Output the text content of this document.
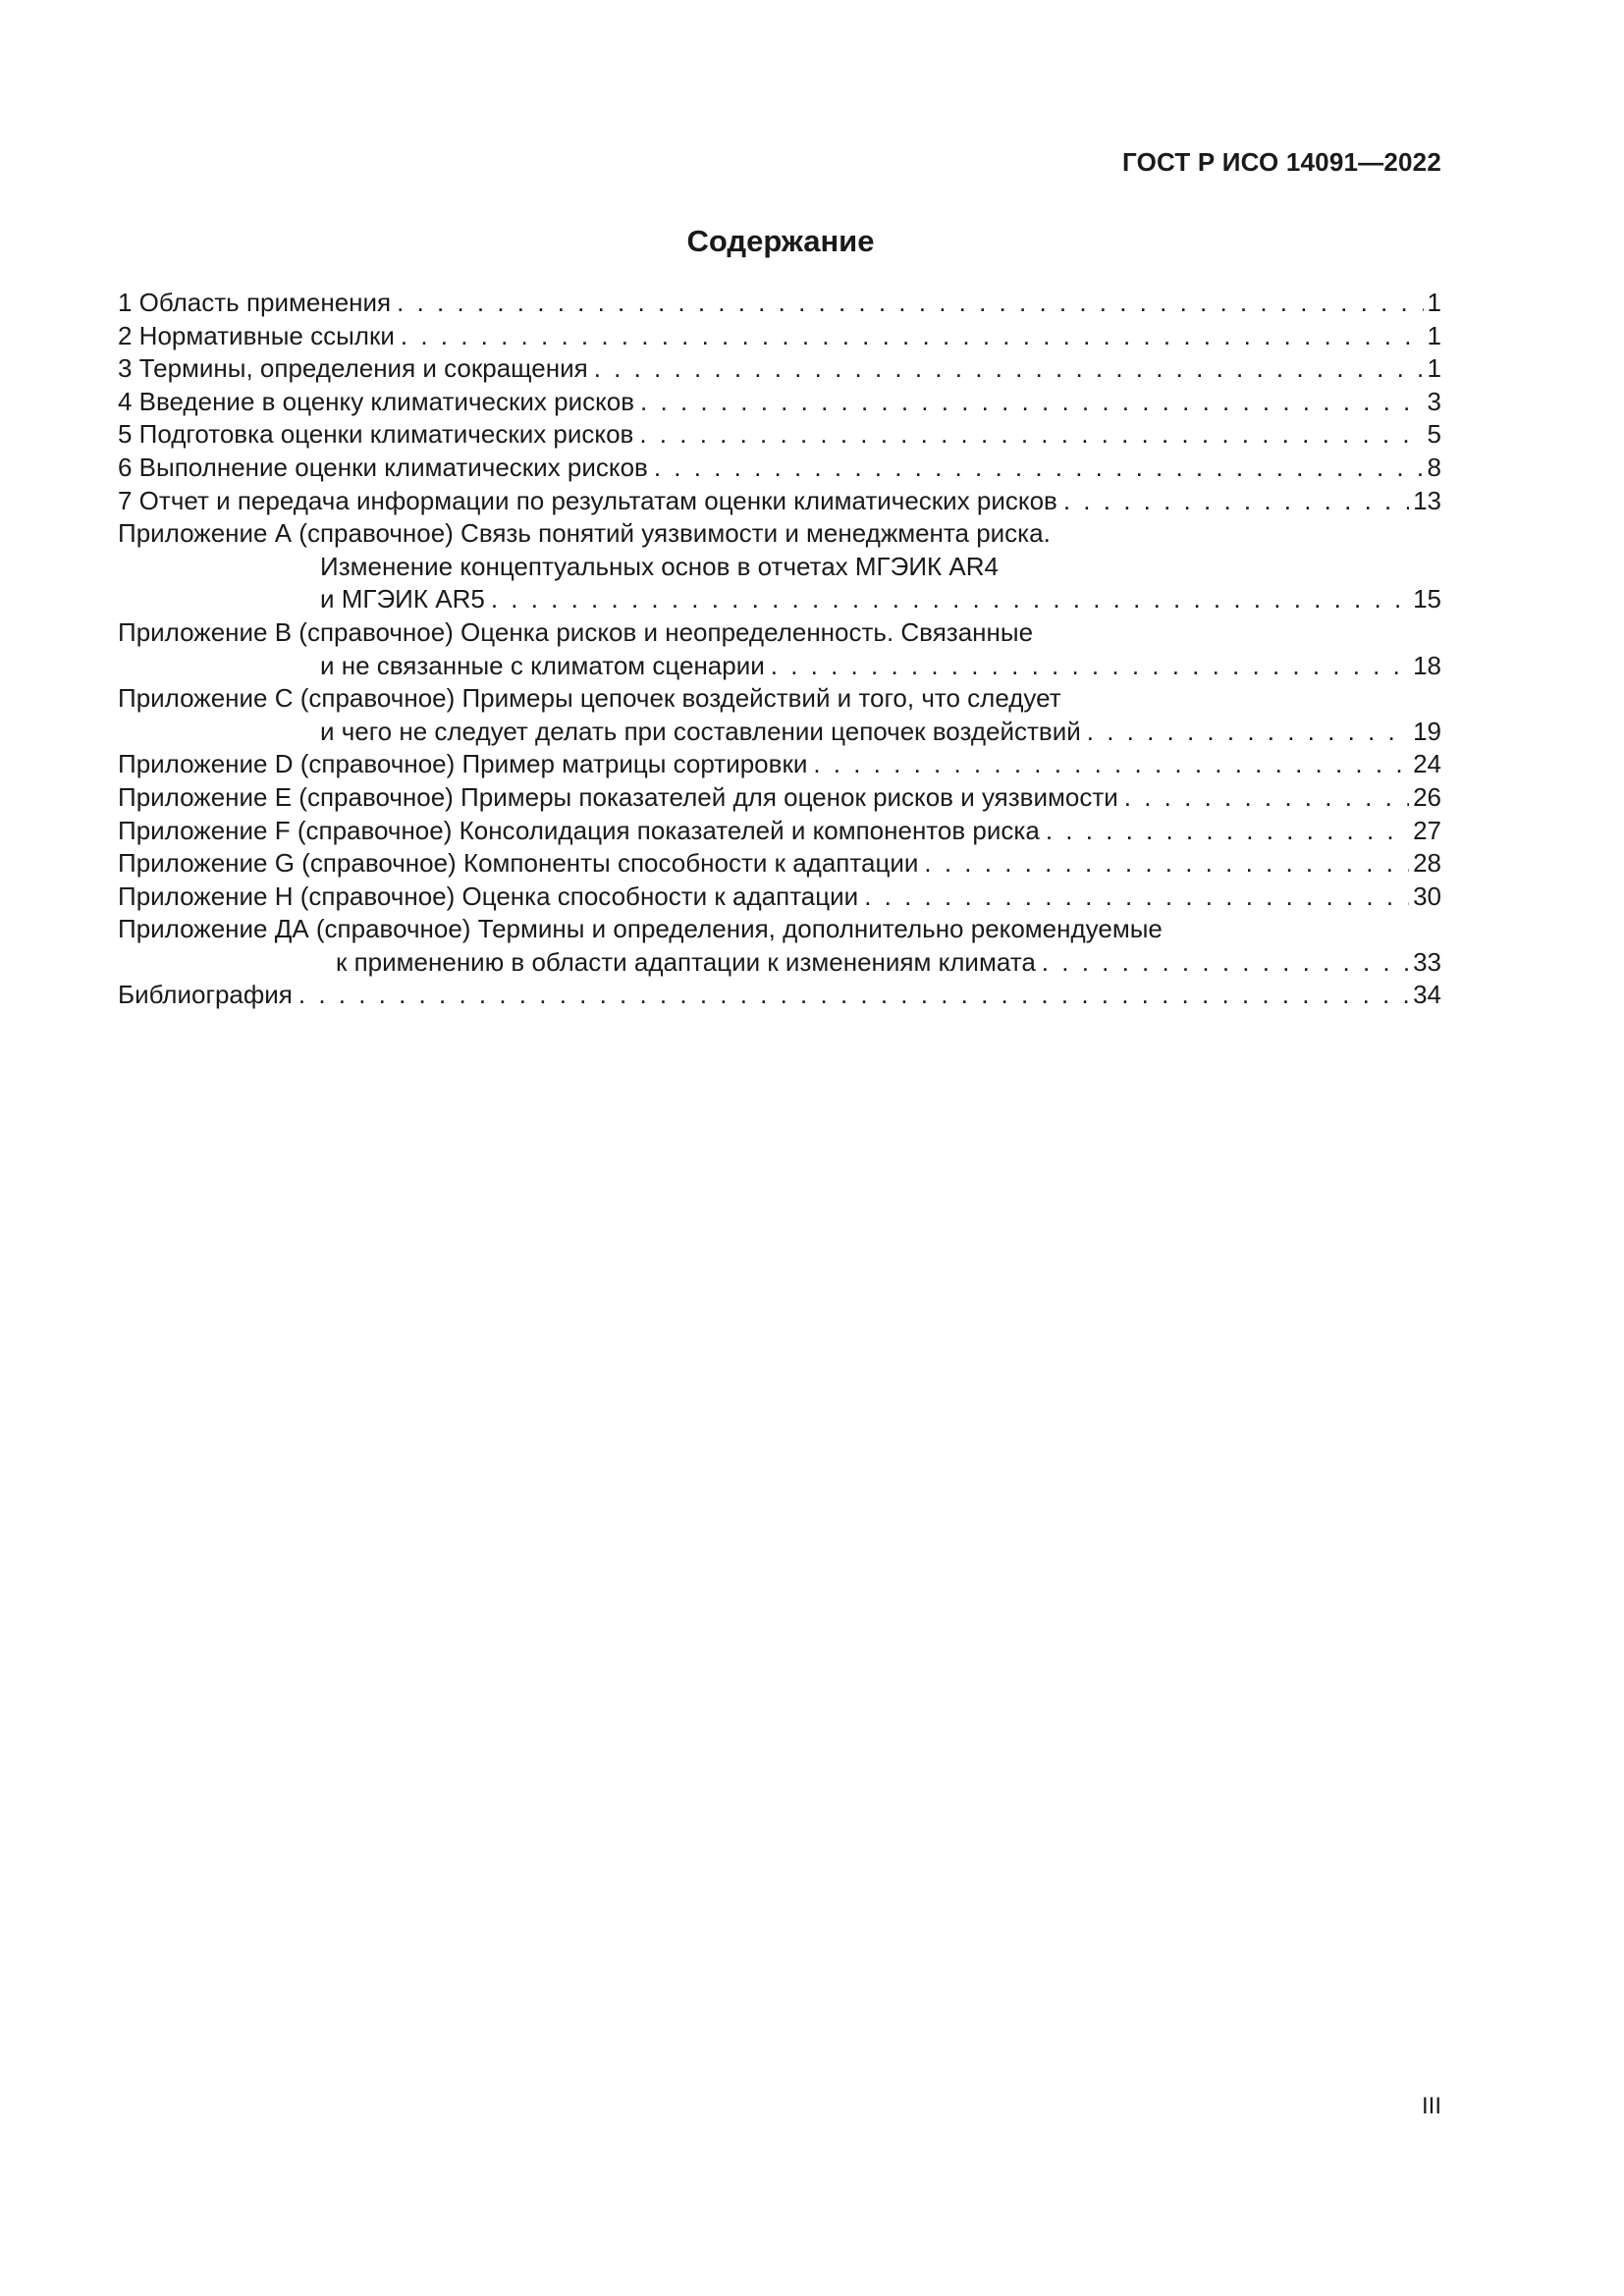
ГОСТ Р ИСО 14091—2022
Содержание
1 Область применения . . .	1
2 Нормативные ссылки . . .	1
3 Термины, определения и сокращения . . .	1
4 Введение в оценку климатических рисков . . .	3
5 Подготовка оценки климатических рисков . . .	5
6 Выполнение оценки климатических рисков . . .	8
7 Отчет и передача информации по результатам оценки климатических рисков . . .	13
Приложение А (справочное) Связь понятий уязвимости и менеджмента риска.
Изменение концептуальных основ в отчетах МГЭИК AR4
и МГЭИК AR5 . . .	15
Приложение В (справочное) Оценка рисков и неопределенность. Связанные
и не связанные с климатом сценарии . . .	18
Приложение С (справочное) Примеры цепочек воздействий и того, что следует
и чего не следует делать при составлении цепочек воздействий . . .	19
Приложение D (справочное) Пример матрицы сортировки . . .	24
Приложение Е (справочное) Примеры показателей для оценок рисков и уязвимости . . .	26
Приложение F (справочное) Консолидация показателей и компонентов риска . . .	27
Приложение G (справочное) Компоненты способности к адаптации . . .	28
Приложение Н (справочное) Оценка способности к адаптации . . .	30
Приложение ДА (справочное) Термины и определения, дополнительно рекомендуемые
к применению в области адаптации к изменениям климата . . .	33
Библиография . . .	34
III
